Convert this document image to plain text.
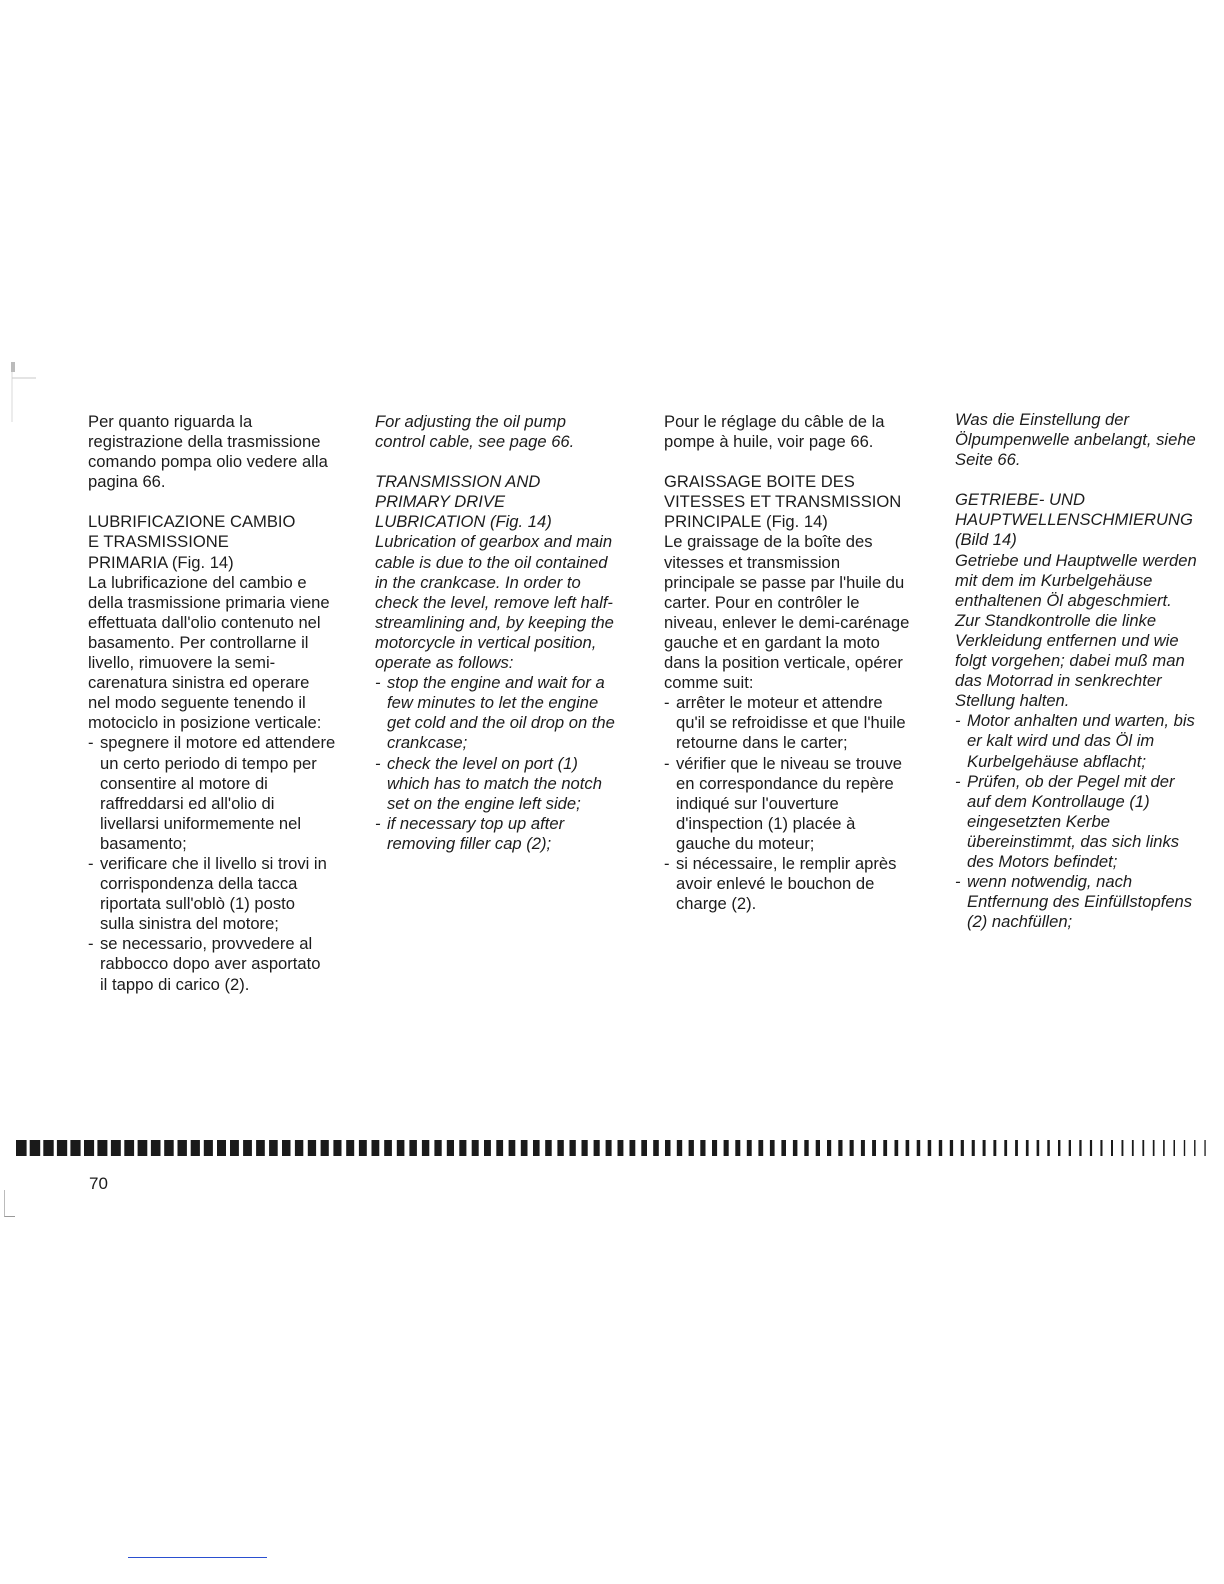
Per quanto riguarda la

registrazione della trasmissione

comando pompa olio vedere alla

pagina 66.

LUBRIFICAZIONE CAMBIO

E TRASMISSIONE

PRIMARIA (Fig. 14)

La lubrificazione del cambio e

della trasmissione primaria viene

effettuata dall'olio contenuto nel

basamento. Per controllarne il

livello, rimuovere la semi-

carenatura sinistra ed operare

nel modo seguente tenendo il

motociclo in posizione verticale:

- spegnere il motore ed attendere

un certo periodo di tempo per

consentire al motore di

raffreddarsi ed all'olio di

livellarsi uniformemente nel

basamento;

- verificare che il livello si trovi in

corrispondenza della tacca

riportata sull'oblò (1) posto

sulla sinistra del motore;

- se necessario, provvedere al

rabbocco dopo aver asportato

il tappo di carico (2).

For adjusting the oil pump

control cable, see page 66.

TRANSMISSION AND

PRIMARY DRIVE

LUBRICATION (Fig. 14)

Lubrication of gearbox and main

cable is due to the oil contained

in the crankcase. In order to

check the level, remove left half-

streamlining and, by keeping the

motorcycle in vertical position,

operate as follows:

- stop the engine and wait for a

few minutes to let the engine

get cold and the oil drop on the

crankcase;

- check the level on port (1)

which has to match the notch

set on the engine left side;

- if necessary top up after

removing filler cap (2);

Pour le réglage du câble de la

pompe à huile, voir page 66.

GRAISSAGE BOITE DES

VITESSES ET TRANSMISSION

PRINCIPALE (Fig. 14)

Le graissage de la boîte des

vitesses et transmission

principale se passe par l'huile du

carter. Pour en contrôler le

niveau, enlever le demi-carénage

gauche et en gardant la moto

dans la position verticale, opérer

comme suit:

- arrêter le moteur et attendre

qu'il se refroidisse et que l'huile

retourne dans le carter;

- vérifier que le niveau se trouve

en correspondance du repère

indiqué sur l'ouverture

d'inspection (1) placée à

gauche du moteur;

- si nécessaire, le remplir après

avoir enlevé le bouchon de

charge (2).

Was die Einstellung der

Ölpumpenwelle anbelangt, siehe

Seite 66.

GETRIEBE- UND

HAUPTWELLENSCHMIERUNG

(Bild 14)

Getriebe und Hauptwelle werden

mit dem im Kurbelgehäuse

enthaltenen Öl abgeschmiert.

Zur Standkontrolle die linke

Verkleidung entfernen und wie

folgt vorgehen; dabei muß man

das Motorrad in senkrechter

Stellung halten.

- Motor anhalten und warten, bis

er kalt wird und das Öl im

Kurbelgehäuse abflacht;

- Prüfen, ob der Pegel mit der

auf dem Kontrollauge (1)

eingesetzten Kerbe

übereinstimmt, das sich links

des Motors befindet;

- wenn notwendig, nach

Entfernung des Einfüllstopfens

(2) nachfüllen;

70
